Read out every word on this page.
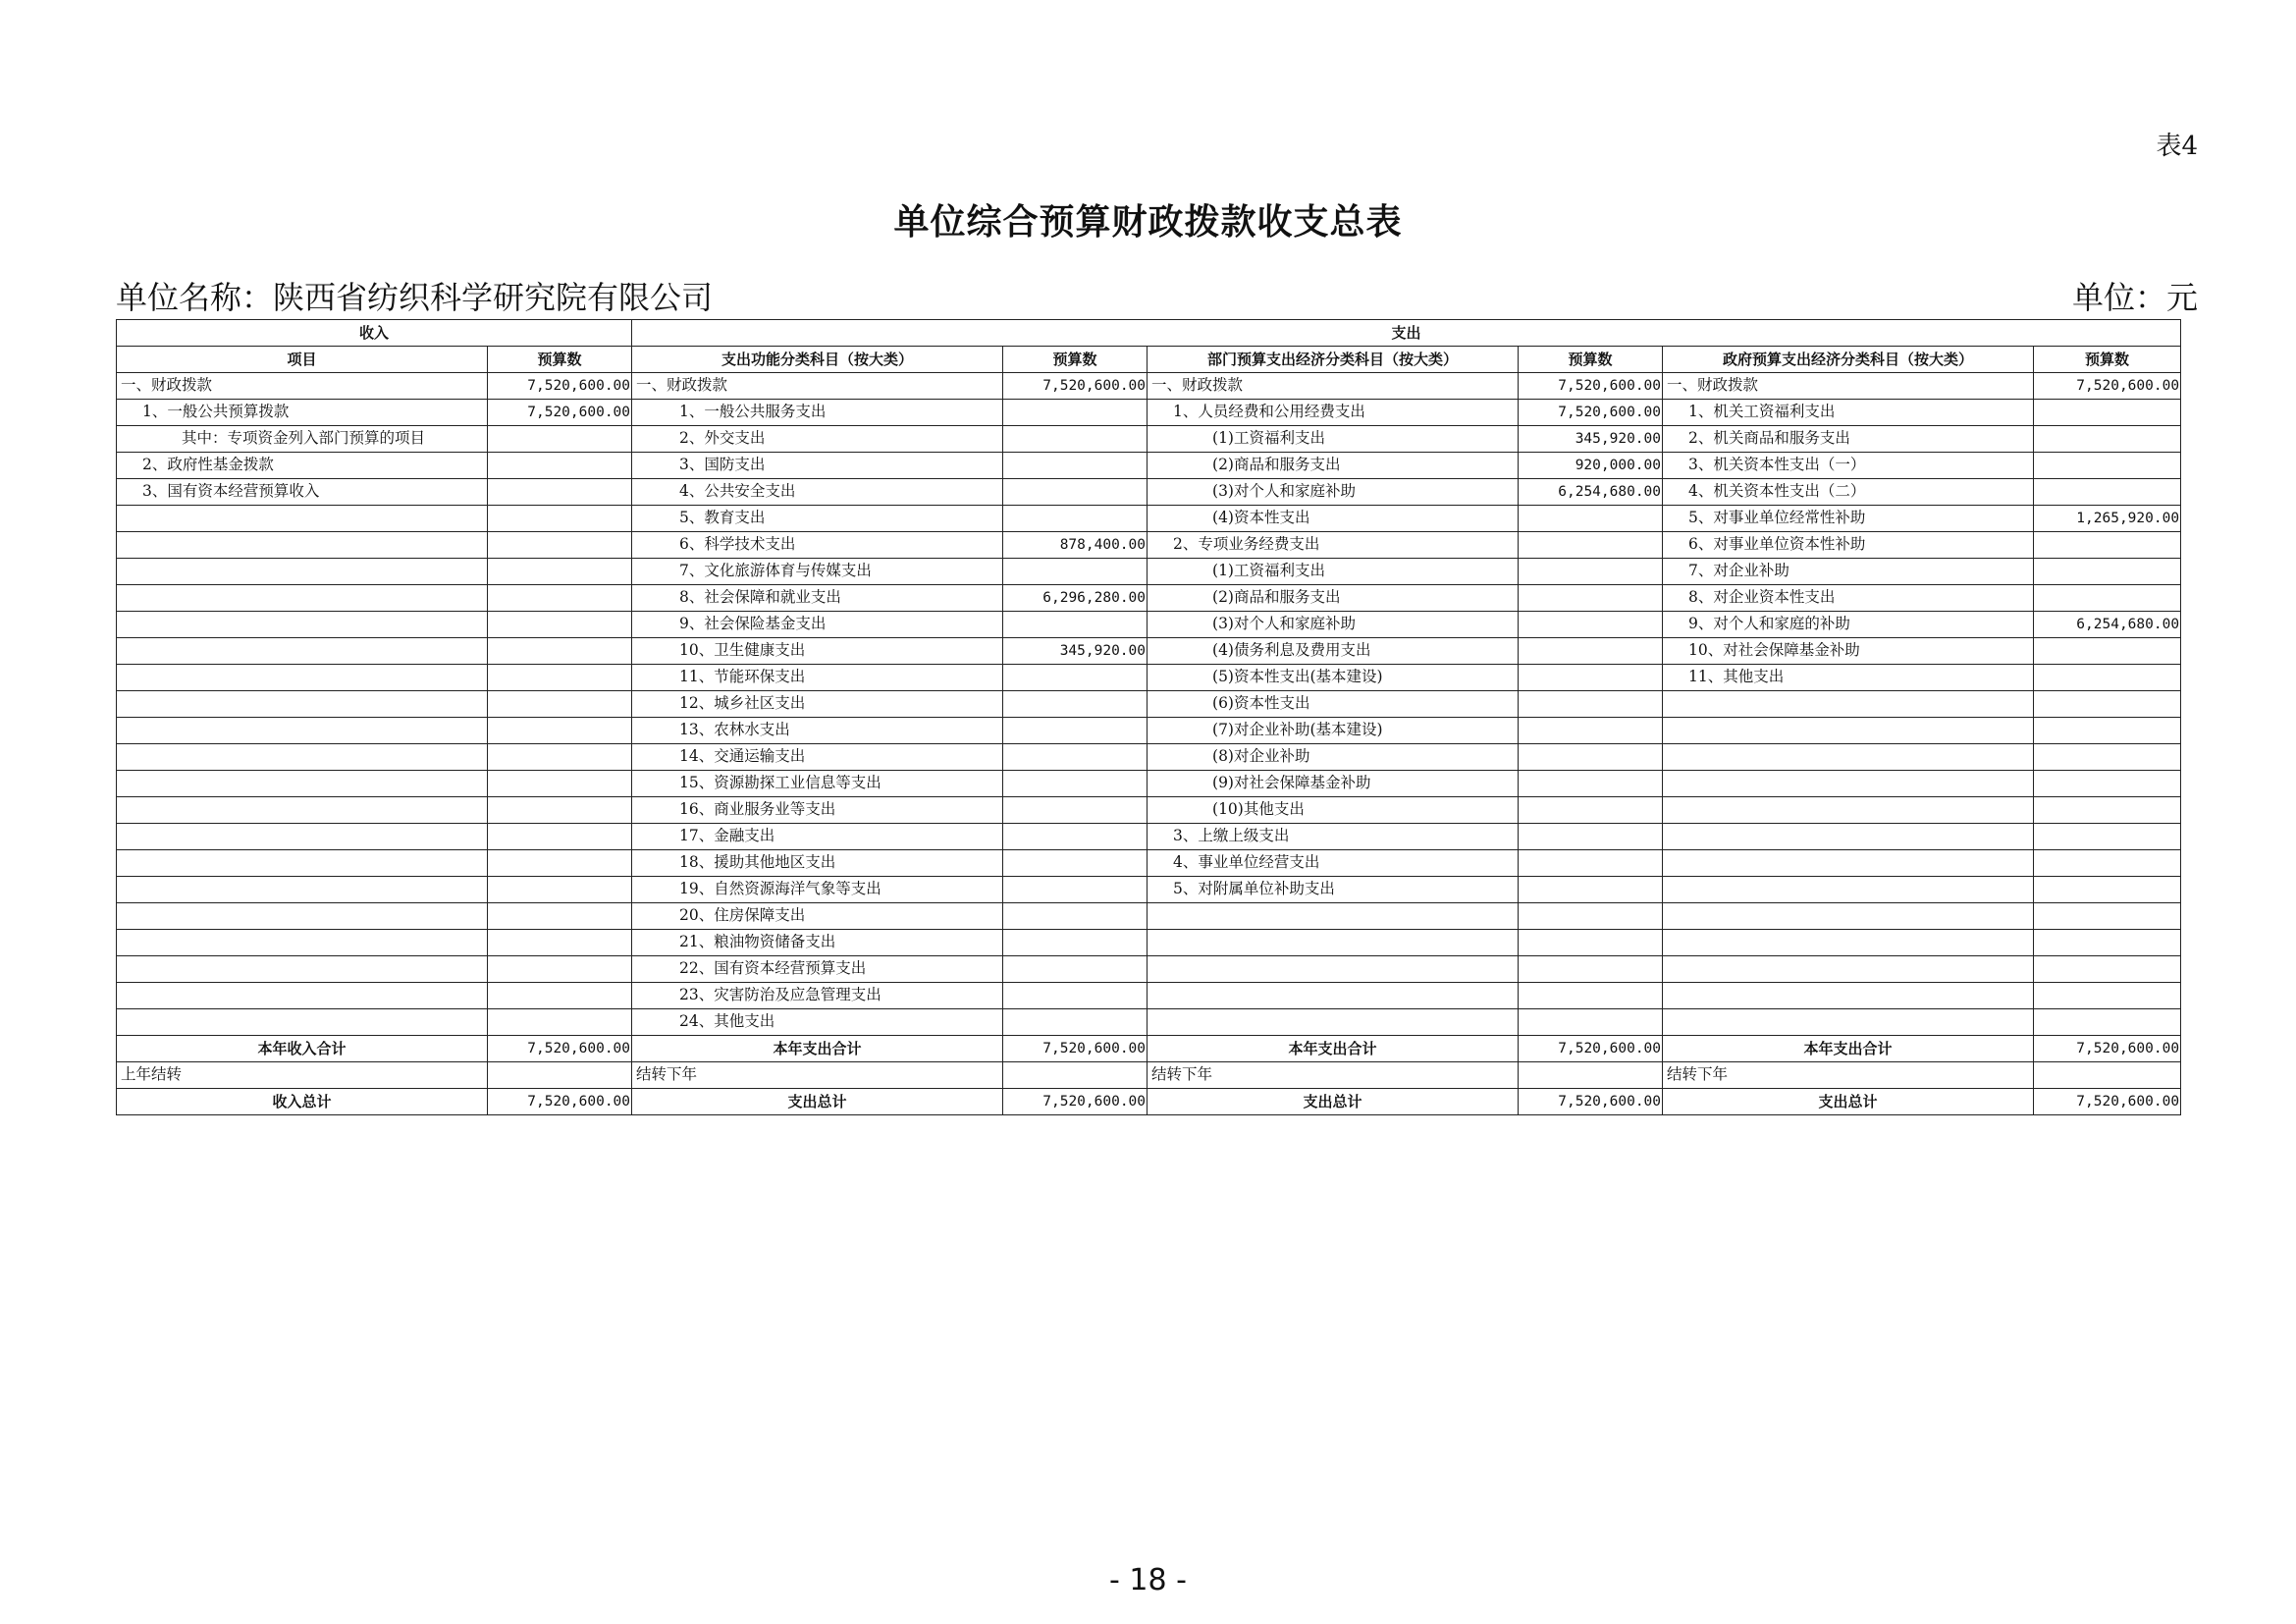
表4
单位综合预算财政拨款收支总表
单位名称：陕西省纺织科学研究院有限公司	单位：元
收入		支出					
项目	预算数	支出功能分类科目（按大类）	预算数	部门预算支出经济分类科目（按大类）	预算数	政府预算支出经济分类科目（按大类）	预算数
一、财政拨款	7,520,600.00	一、财政拨款	7,520,600.00	一、财政拨款	7,520,600.00	一、财政拨款	7,520,600.00
1、一般公共预算拨款	7,520,600.00	1、一般公共服务支出		1、人员经费和公用经费支出	7,520,600.00	1、机关工资福利支出	
其中：专项资金列入部门预算的项目		2、外交支出		(1)工资福利支出	345,920.00	2、机关商品和服务支出	
2、政府性基金拨款		3、国防支出		(2)商品和服务支出	920,000.00	3、机关资本性支出（一）	
3、国有资本经营预算收入		4、公共安全支出		(3)对个人和家庭补助	6,254,680.00	4、机关资本性支出（二）	
		5、教育支出		(4)资本性支出		5、对事业单位经常性补助	1,265,920.00
		6、科学技术支出	878,400.00	2、专项业务经费支出		6、对事业单位资本性补助	
		7、文化旅游体育与传媒支出		(1)工资福利支出		7、对企业补助	
		8、社会保障和就业支出	6,296,280.00	(2)商品和服务支出		8、对企业资本性支出	
		9、社会保险基金支出		(3)对个人和家庭补助		9、对个人和家庭的补助	6,254,680.00
		10、卫生健康支出	345,920.00	(4)债务利息及费用支出		10、对社会保障基金补助	
		11、节能环保支出		(5)资本性支出(基本建设)		11、其他支出	
		12、城乡社区支出		(6)资本性支出			
		13、农林水支出		(7)对企业补助(基本建设)			
		14、交通运输支出		(8)对企业补助			
		15、资源勘探工业信息等支出		(9)对社会保障基金补助			
		16、商业服务业等支出		(10)其他支出			
		17、金融支出		3、上缴上级支出			
		18、援助其他地区支出		4、事业单位经营支出			
		19、自然资源海洋气象等支出		5、对附属单位补助支出			
		20、住房保障支出					
		21、粮油物资储备支出					
		22、国有资本经营预算支出					
		23、灾害防治及应急管理支出					
		24、其他支出					
本年收入合计	7,520,600.00	本年支出合计	7,520,600.00	本年支出合计	7,520,600.00	本年支出合计	7,520,600.00
上年结转		结转下年		结转下年		结转下年	
收入总计	7,520,600.00	支出总计	7,520,600.00	支出总计	7,520,600.00	支出总计	7,520,600.00
- 18 -
